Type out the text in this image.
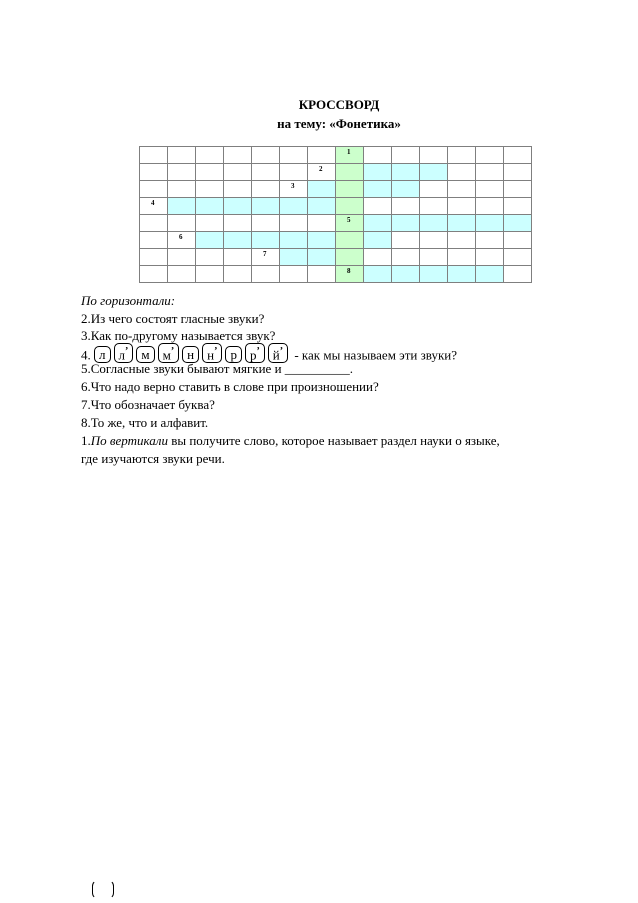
КРОССВОРД
на тему: «Фонетика»

							1						

						2							

					3								

4													

							5						

	6												

				7									

							8						

По горизонтали:
2.Из чего состоят гласные звуки?
3.Как по-другому называется звук?
4. л л’ м м’ н н’ р р’ й’ - как мы называем эти звуки?
5.Согласные звуки бывают мягкие и __________.
6.Что надо верно ставить в слове при произношении?
7.Что обозначает буква?
8.То же, что и алфавит.
1.По вертикали вы получите слово, которое называет раздел науки о языке,
где изучаются звуки речи.
